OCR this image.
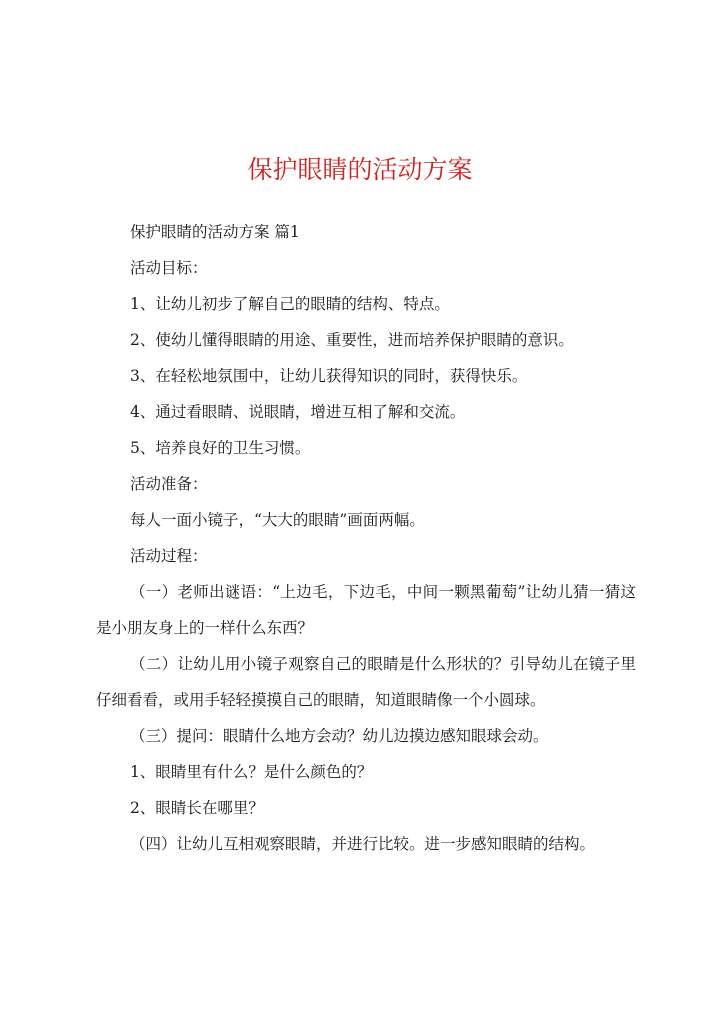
保护眼睛的活动方案

保护眼睛的活动方案 篇1

活动目标：

1、让幼儿初步了解自己的眼睛的结构、特点。

2、使幼儿懂得眼睛的用途、重要性，进而培养保护眼睛的意识。

3、在轻松地氛围中，让幼儿获得知识的同时，获得快乐。

4、通过看眼睛、说眼睛，增进互相了解和交流。

5、培养良好的卫生习惯。

活动准备：

每人一面小镜子，“大大的眼睛”画面两幅。

活动过程：

（一）老师出谜语：“上边毛，下边毛，中间一颗黑葡萄”让幼儿猜一猜这是小朋友身上的一样什么东西？

（二）让幼儿用小镜子观察自己的眼睛是什么形状的？引导幼儿在镜子里仔细看看，或用手轻轻摸摸自己的眼睛，知道眼睛像一个小圆球。

（三）提问：眼睛什么地方会动？幼儿边摸边感知眼球会动。

1、眼睛里有什么？是什么颜色的？

2、眼睛长在哪里？

（四）让幼儿互相观察眼睛，并进行比较。进一步感知眼睛的结构。
